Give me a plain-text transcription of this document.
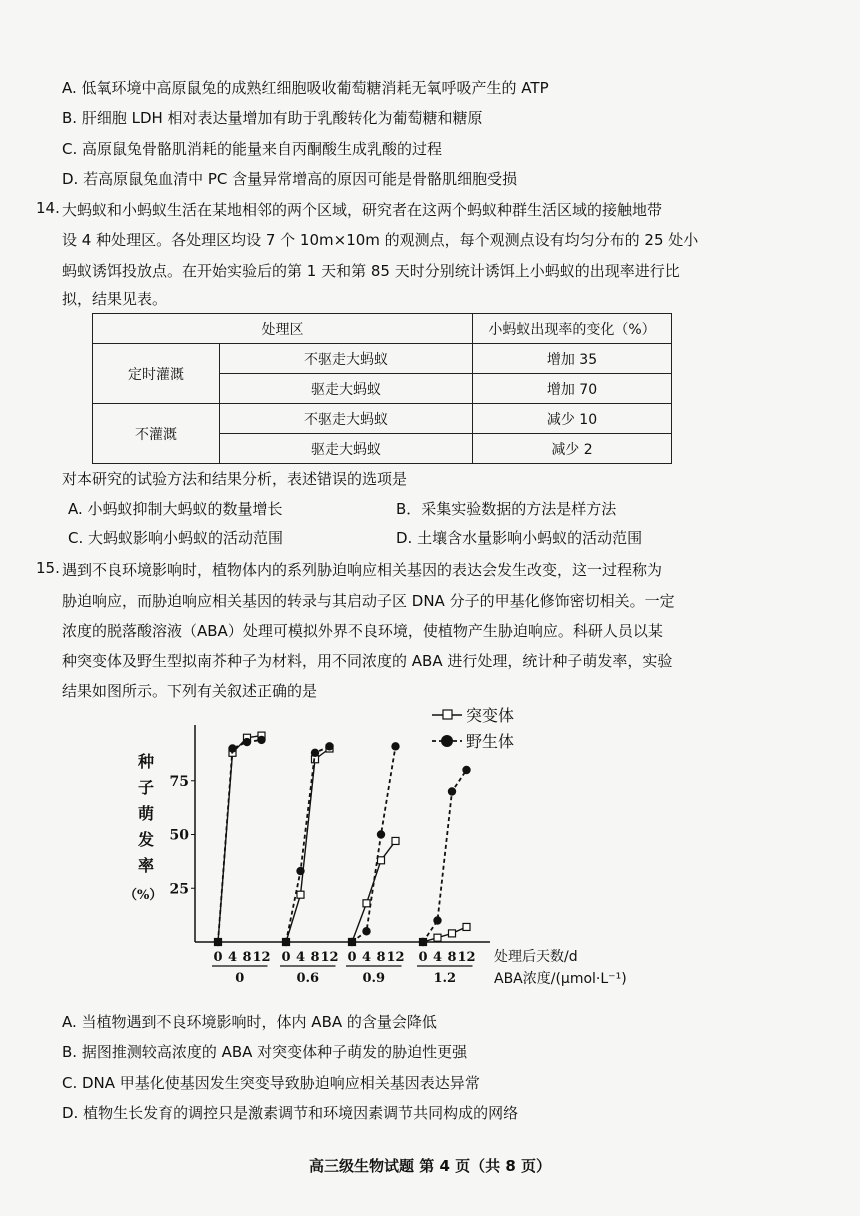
A. 低氧环境中高原鼠兔的成熟红细胞吸收葡萄糖消耗无氧呼吸产生的 ATP
B. 肝细胞 LDH 相对表达量增加有助于乳酸转化为葡萄糖和糖原
C. 高原鼠兔骨骼肌消耗的能量来自丙酮酸生成乳酸的过程
D. 若高原鼠兔血清中 PC 含量异常增高的原因可能是骨骼肌细胞受损
14. 大蚂蚁和小蚂蚁生活在某地相邻的两个区域，研究者在这两个蚂蚁种群生活区域的接触地带
设 4 种处理区。各处理区均设 7 个 10m×10m 的观测点，每个观测点设有均匀分布的 25 处小
蚂蚁诱饵投放点。在开始实验后的第 1 天和第 85 天时分别统计诱饵上小蚂蚁的出现率进行比
拟，结果见表。
处理区		小蚂蚁出现率的变化（%）
定时灌溉	不驱走大蚂蚁	增加 35
	驱走大蚂蚁	增加 70
不灌溉	不驱走大蚂蚁	减少 10
	驱走大蚂蚁	减少 2
对本研究的试验方法和结果分析，表述错误的选项是
A. 小蚂蚁抑制大蚂蚁的数量增长	B．采集实验数据的方法是样方法
C. 大蚂蚁影响小蚂蚁的活动范围	D. 土壤含水量影响小蚂蚁的活动范围
15. 遇到不良环境影响时，植物体内的系列胁迫响应相关基因的表达会发生改变，这一过程称为
胁迫响应，而胁迫响应相关基因的转录与其启动子区 DNA 分子的甲基化修饰密切相关。一定
浓度的脱落酸溶液（ABA）处理可模拟外界不良环境，使植物产生胁迫响应。科研人员以某
种突变体及野生型拟南芥种子为材料，用不同浓度的 ABA 进行处理，统计种子萌发率，实验
结果如图所示。下列有关叙述正确的是
25
50
75
种
子
萌
发
率
（%）
0 4 8 12
0
0 4 8 12
0.6
0 4 8 12
0.9
0 4 8 12
1.2
处理后天数/d
ABA浓度/(μmol·L⁻¹)
突变体
野生体
A. 当植物遇到不良环境影响时，体内 ABA 的含量会降低
B. 据图推测较高浓度的 ABA 对突变体种子萌发的胁迫性更强
C. DNA 甲基化使基因发生突变导致胁迫响应相关基因表达异常
D. 植物生长发育的调控只是激素调节和环境因素调节共同构成的网络
高三级生物试题 第 4 页（共 8 页）
